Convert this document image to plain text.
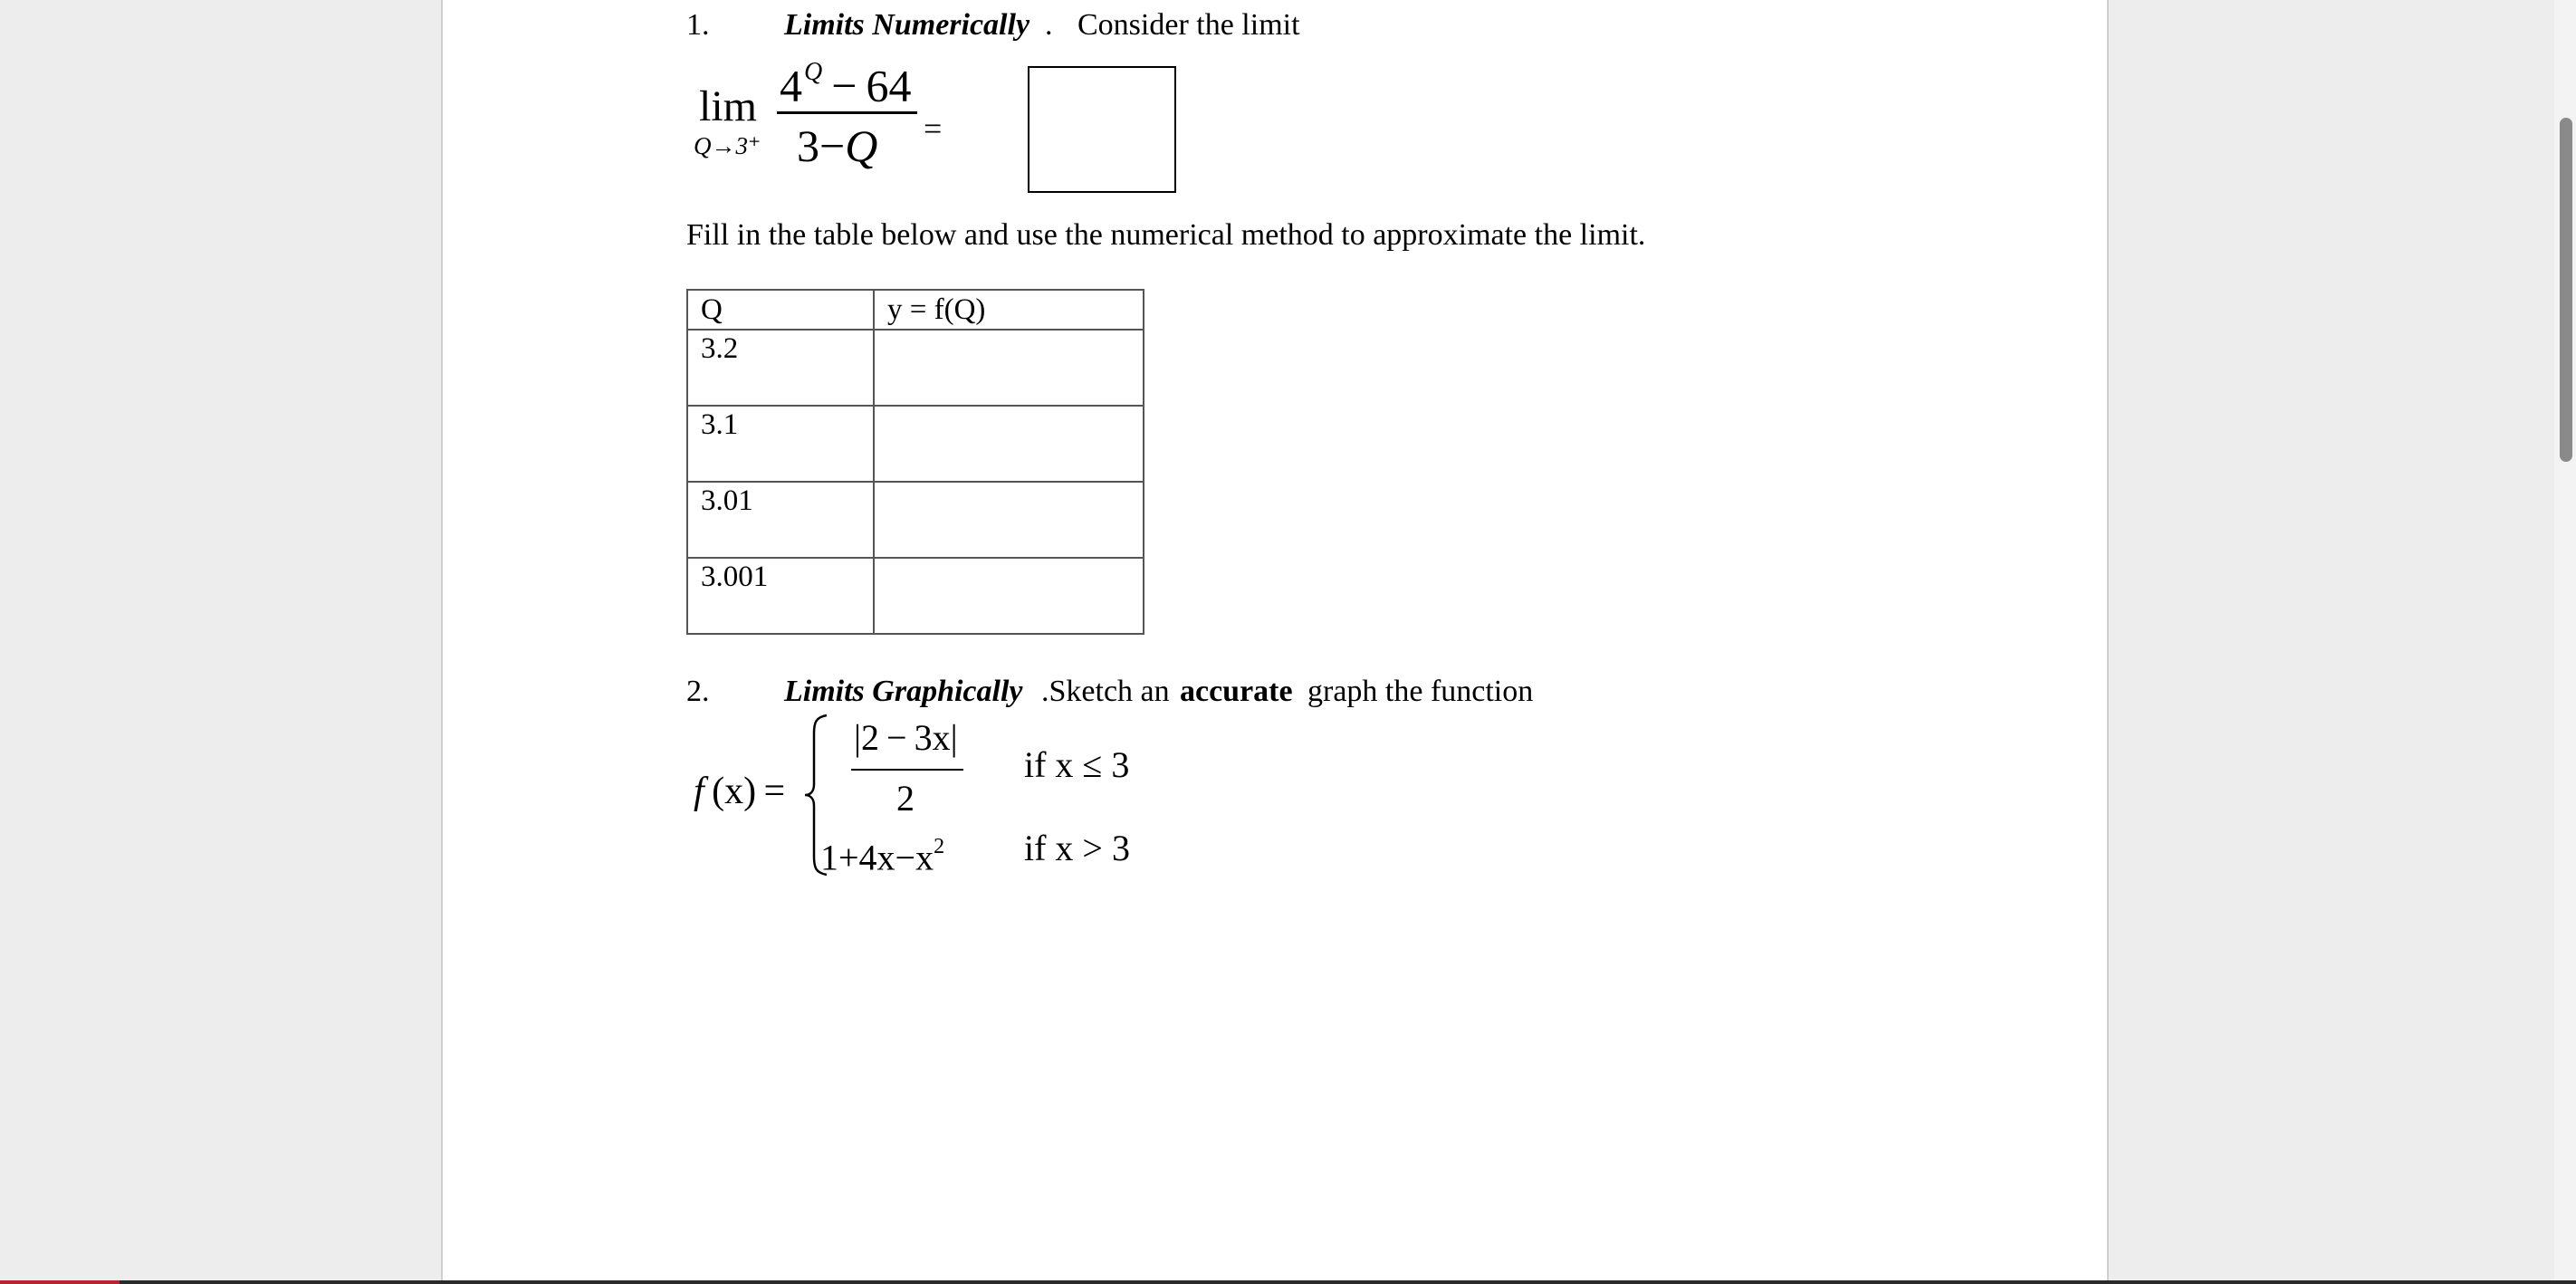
1. Limits Numerically . Consider the limit
lim
Q→3⁺
$4^Q - 64$
3−Q =
Fill in the table below and use the numerical method to approximate the limit.
Q	y = f(Q)
3.2	
3.1	
3.01	
3.001	
2. Limits Graphically .Sketch an accurate graph the function
f (x) =
|2 − 3x|
2
if x ≤ 3
$1+4x-x^2$ if x > 3
